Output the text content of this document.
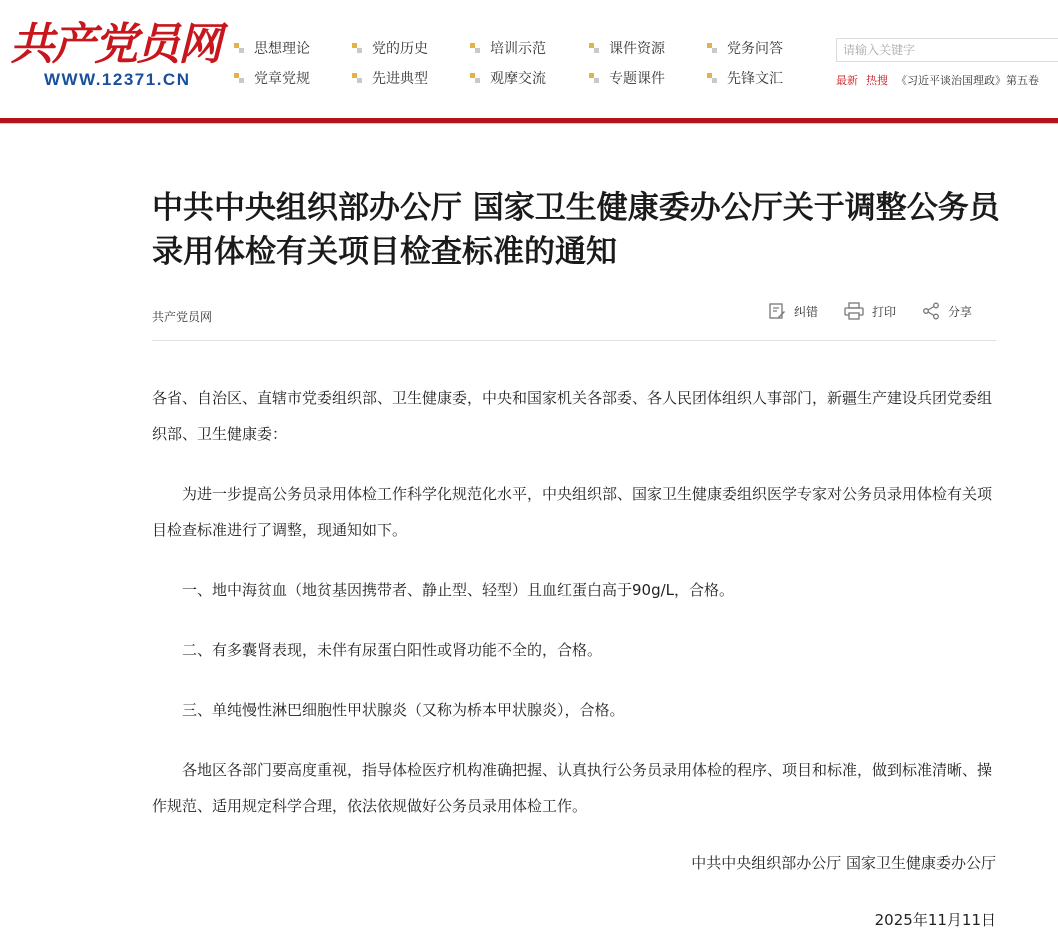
共产党员网
WWW.12371.CN
思想理论	党的历史	培训示范	课件资源	党务问答
党章党规	先进典型	观摩交流	专题课件	先锋文汇
请输入关键字	最新 热搜 《习近平谈治国理政》第五卷
中共中央组织部办公厅 国家卫生健康委办公厅关于调整公务员录用体检有关项目检查标准的通知
共产党员网	纠错	打印	分享

各省、自治区、直辖市党委组织部、卫生健康委，中央和国家机关各部委、各人民团体组织人事部门，新疆生产建设兵团党委组织部、卫生健康委：

为进一步提高公务员录用体检工作科学化规范化水平，中央组织部、国家卫生健康委组织医学专家对公务员录用体检有关项目检查标准进行了调整，现通知如下。

一、地中海贫血（地贫基因携带者、静止型、轻型）且血红蛋白高于90g/L，合格。

二、有多囊肾表现，未伴有尿蛋白阳性或肾功能不全的，合格。

三、单纯慢性淋巴细胞性甲状腺炎（又称为桥本甲状腺炎），合格。

各地区各部门要高度重视，指导体检医疗机构准确把握、认真执行公务员录用体检的程序、项目和标准，做到标准清晰、操作规范、适用规定科学合理，依法依规做好公务员录用体检工作。

中共中央组织部办公厅 国家卫生健康委办公厅
2025年11月11日
